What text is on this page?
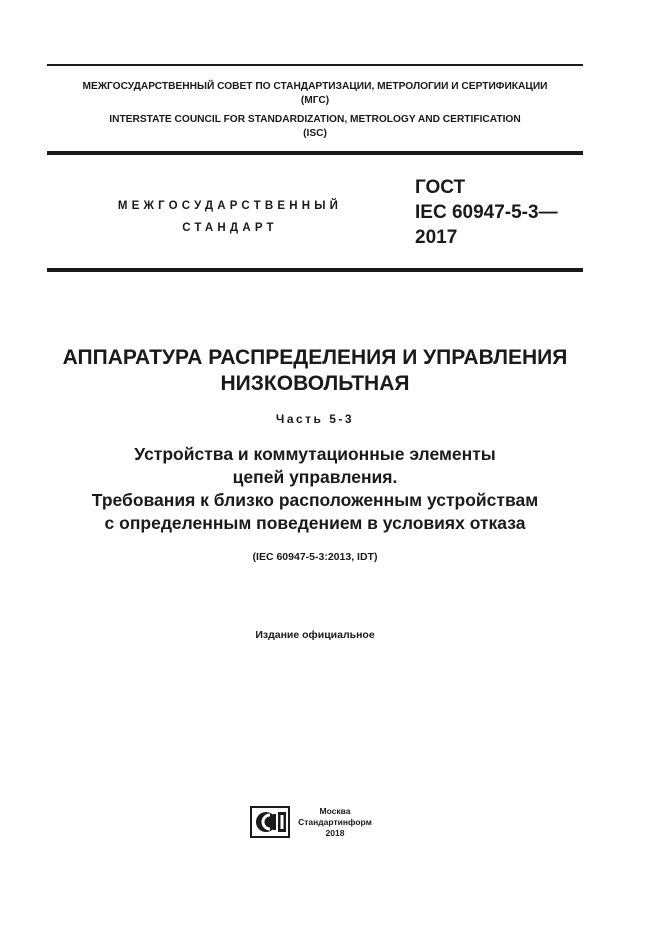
МЕЖГОСУДАРСТВЕННЫЙ СОВЕТ ПО СТАНДАРТИЗАЦИИ, МЕТРОЛОГИИ И СЕРТИФИКАЦИИ
(МГС)
INTERSTATE COUNCIL FOR STANDARDIZATION, METROLOGY AND CERTIFICATION
(ISC)
МЕЖГОСУДАРСТВЕННЫЙ
СТАНДАРТ
ГОСТ
IEC 60947-5-3—
2017
АППАРАТУРА РАСПРЕДЕЛЕНИЯ И УПРАВЛЕНИЯ
НИЗКОВОЛЬТНАЯ
Часть 5-3
Устройства и коммутационные элементы
цепей управления.
Требования к близко расположенным устройствам
с определенным поведением в условиях отказа
(IEC 60947-5-3:2013, IDT)
Издание официальное
Москва
Стандартинформ
2018
